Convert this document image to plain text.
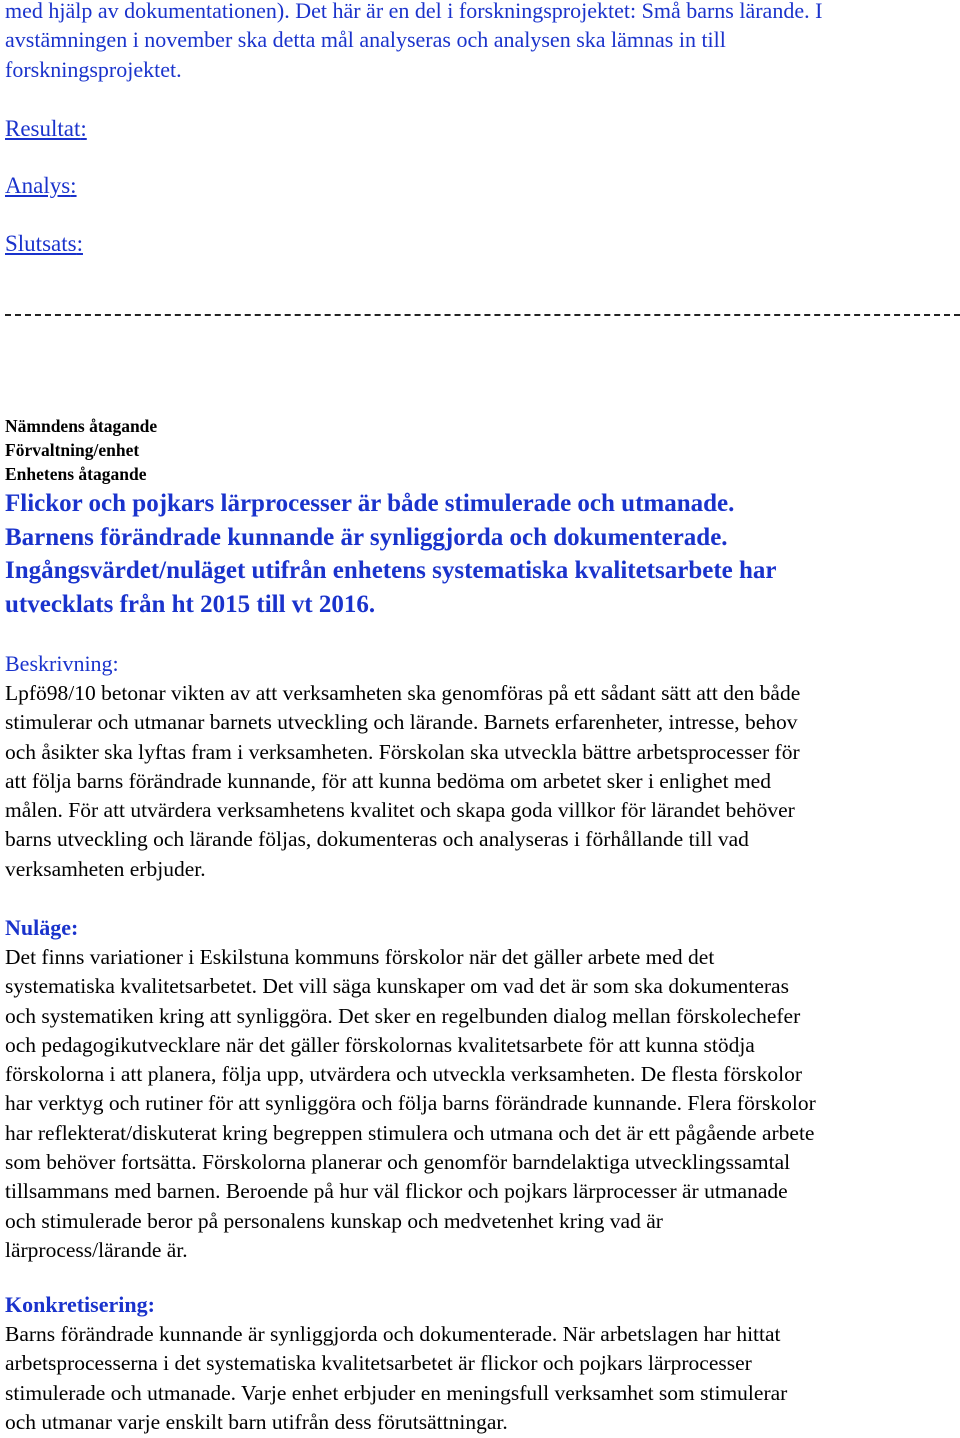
med hjälp av dokumentationen). Det här är en del i forskningsprojektet: Små barns lärande. I
avstämningen i november ska detta mål analyseras och analysen ska lämnas in till
forskningsprojektet.

Resultat:

Analys:

Slutsats:

Nämndens åtagande

Förvaltning/enhet

Enhetens åtagande

Flickor och pojkars lärprocesser är både stimulerade och utmanade.
Barnens förändrade kunnande är synliggjorda och dokumenterade.
Ingångsvärdet/nuläget utifrån enhetens systematiska kvalitetsarbete har
utvecklats från ht 2015 till vt 2016.

Beskrivning:

Lpfö98/10 betonar vikten av att verksamheten ska genomföras på ett sådant sätt att den både
stimulerar och utmanar barnets utveckling och lärande. Barnets erfarenheter, intresse, behov
och åsikter ska lyftas fram i verksamheten. Förskolan ska utveckla bättre arbetsprocesser för
att följa barns förändrade kunnande, för att kunna bedöma om arbetet sker i enlighet med
målen. För att utvärdera verksamhetens kvalitet och skapa goda villkor för lärandet behöver
barns utveckling och lärande följas, dokumenteras och analyseras i förhållande till vad
verksamheten erbjuder.

Nuläge:

Det finns variationer i Eskilstuna kommuns förskolor när det gäller arbete med det
systematiska kvalitetsarbetet. Det vill säga kunskaper om vad det är som ska dokumenteras
och systematiken kring att synliggöra. Det sker en regelbunden dialog mellan förskolechefer
och pedagogikutvecklare när det gäller förskolornas kvalitetsarbete för att kunna stödja
förskolorna i att planera, följa upp, utvärdera och utveckla verksamheten. De flesta förskolor
har verktyg och rutiner för att synliggöra och följa barns förändrade kunnande. Flera förskolor
har reflekterat/diskuterat kring begreppen stimulera och utmana och det är ett pågående arbete
som behöver fortsätta. Förskolorna planerar och genomför barndelaktiga utvecklingssamtal
tillsammans med barnen. Beroende på hur väl flickor och pojkars lärprocesser är utmanade
och stimulerade beror på personalens kunskap och medvetenhet kring vad är
lärprocess/lärande är.

Konkretisering:

Barns förändrade kunnande är synliggjorda och dokumenterade. När arbetslagen har hittat
arbetsprocesserna i det systematiska kvalitetsarbetet är flickor och pojkars lärprocesser
stimulerade och utmanade. Varje enhet erbjuder en meningsfull verksamhet som stimulerar
och utmanar varje enskilt barn utifrån dess förutsättningar.
